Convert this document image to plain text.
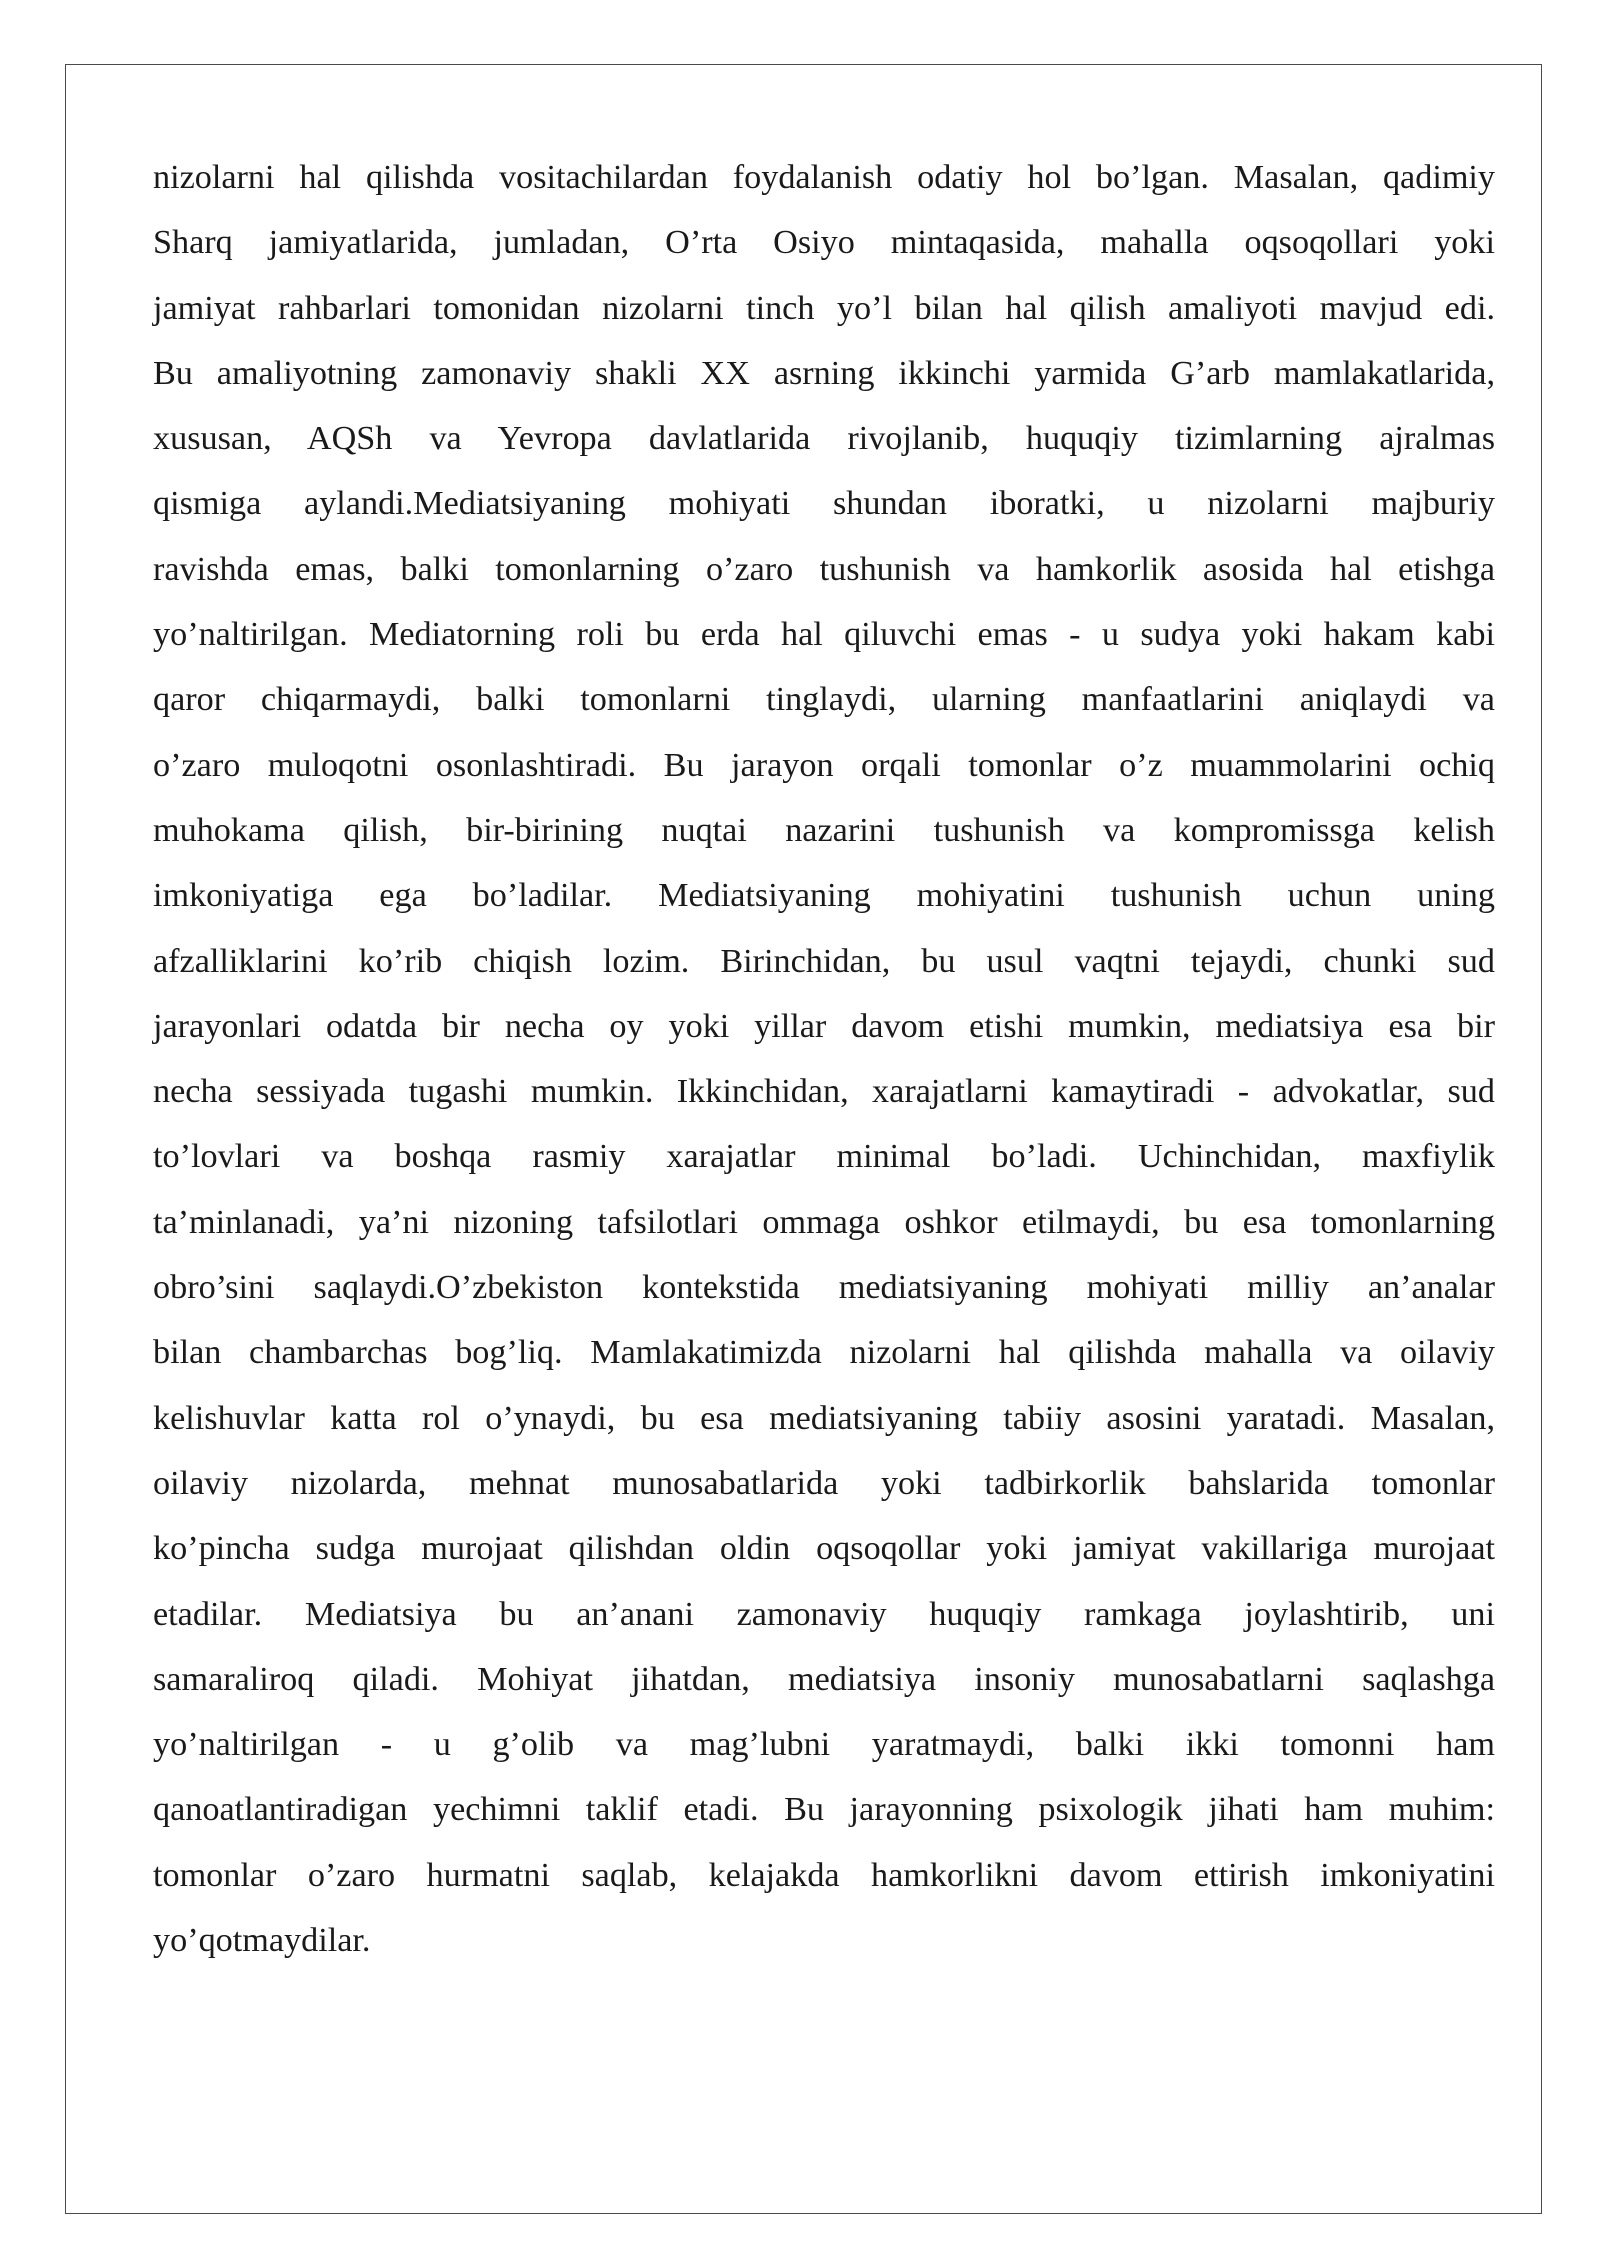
nizolarni hal qilishda vositachilardan foydalanish odatiy hol bo’lgan. Masalan, qadimiy
Sharq jamiyatlarida, jumladan, O’rta Osiyo mintaqasida, mahalla oqsoqollari yoki
jamiyat rahbarlari tomonidan nizolarni tinch yo’l bilan hal qilish amaliyoti mavjud edi.
Bu amaliyotning zamonaviy shakli XX asrning ikkinchi yarmida G’arb mamlakatlarida,
xususan, AQSh va Yevropa davlatlarida rivojlanib, huquqiy tizimlarning ajralmas
qismiga aylandi.Mediatsiyaning mohiyati shundan iboratki, u nizolarni majburiy
ravishda emas, balki tomonlarning o’zaro tushunish va hamkorlik asosida hal etishga
yo’naltirilgan. Mediatorning roli bu erda hal qiluvchi emas - u sudya yoki hakam kabi
qaror chiqarmaydi, balki tomonlarni tinglaydi, ularning manfaatlarini aniqlaydi va
o’zaro muloqotni osonlashtiradi. Bu jarayon orqali tomonlar o’z muammolarini ochiq
muhokama qilish, bir-birining nuqtai nazarini tushunish va kompromissga kelish
imkoniyatiga ega bo’ladilar. Mediatsiyaning mohiyatini tushunish uchun uning
afzalliklarini ko’rib chiqish lozim. Birinchidan, bu usul vaqtni tejaydi, chunki sud
jarayonlari odatda bir necha oy yoki yillar davom etishi mumkin, mediatsiya esa bir
necha sessiyada tugashi mumkin. Ikkinchidan, xarajatlarni kamaytiradi - advokatlar, sud
to’lovlari va boshqa rasmiy xarajatlar minimal bo’ladi. Uchinchidan, maxfiylik
ta’minlanadi, ya’ni nizoning tafsilotlari ommaga oshkor etilmaydi, bu esa tomonlarning
obro’sini saqlaydi.O’zbekiston kontekstida mediatsiyaning mohiyati milliy an’analar
bilan chambarchas bog’liq. Mamlakatimizda nizolarni hal qilishda mahalla va oilaviy
kelishuvlar katta rol o’ynaydi, bu esa mediatsiyaning tabiiy asosini yaratadi. Masalan,
oilaviy nizolarda, mehnat munosabatlarida yoki tadbirkorlik bahslarida tomonlar
ko’pincha sudga murojaat qilishdan oldin oqsoqollar yoki jamiyat vakillariga murojaat
etadilar. Mediatsiya bu an’anani zamonaviy huquqiy ramkaga joylashtirib, uni
samaraliroq qiladi. Mohiyat jihatdan, mediatsiya insoniy munosabatlarni saqlashga
yo’naltirilgan - u g’olib va mag’lubni yaratmaydi, balki ikki tomonni ham
qanoatlantiradigan yechimni taklif etadi. Bu jarayonning psixologik jihati ham muhim:
tomonlar o’zaro hurmatni saqlab, kelajakda hamkorlikni davom ettirish imkoniyatini
yo’qotmaydilar.
